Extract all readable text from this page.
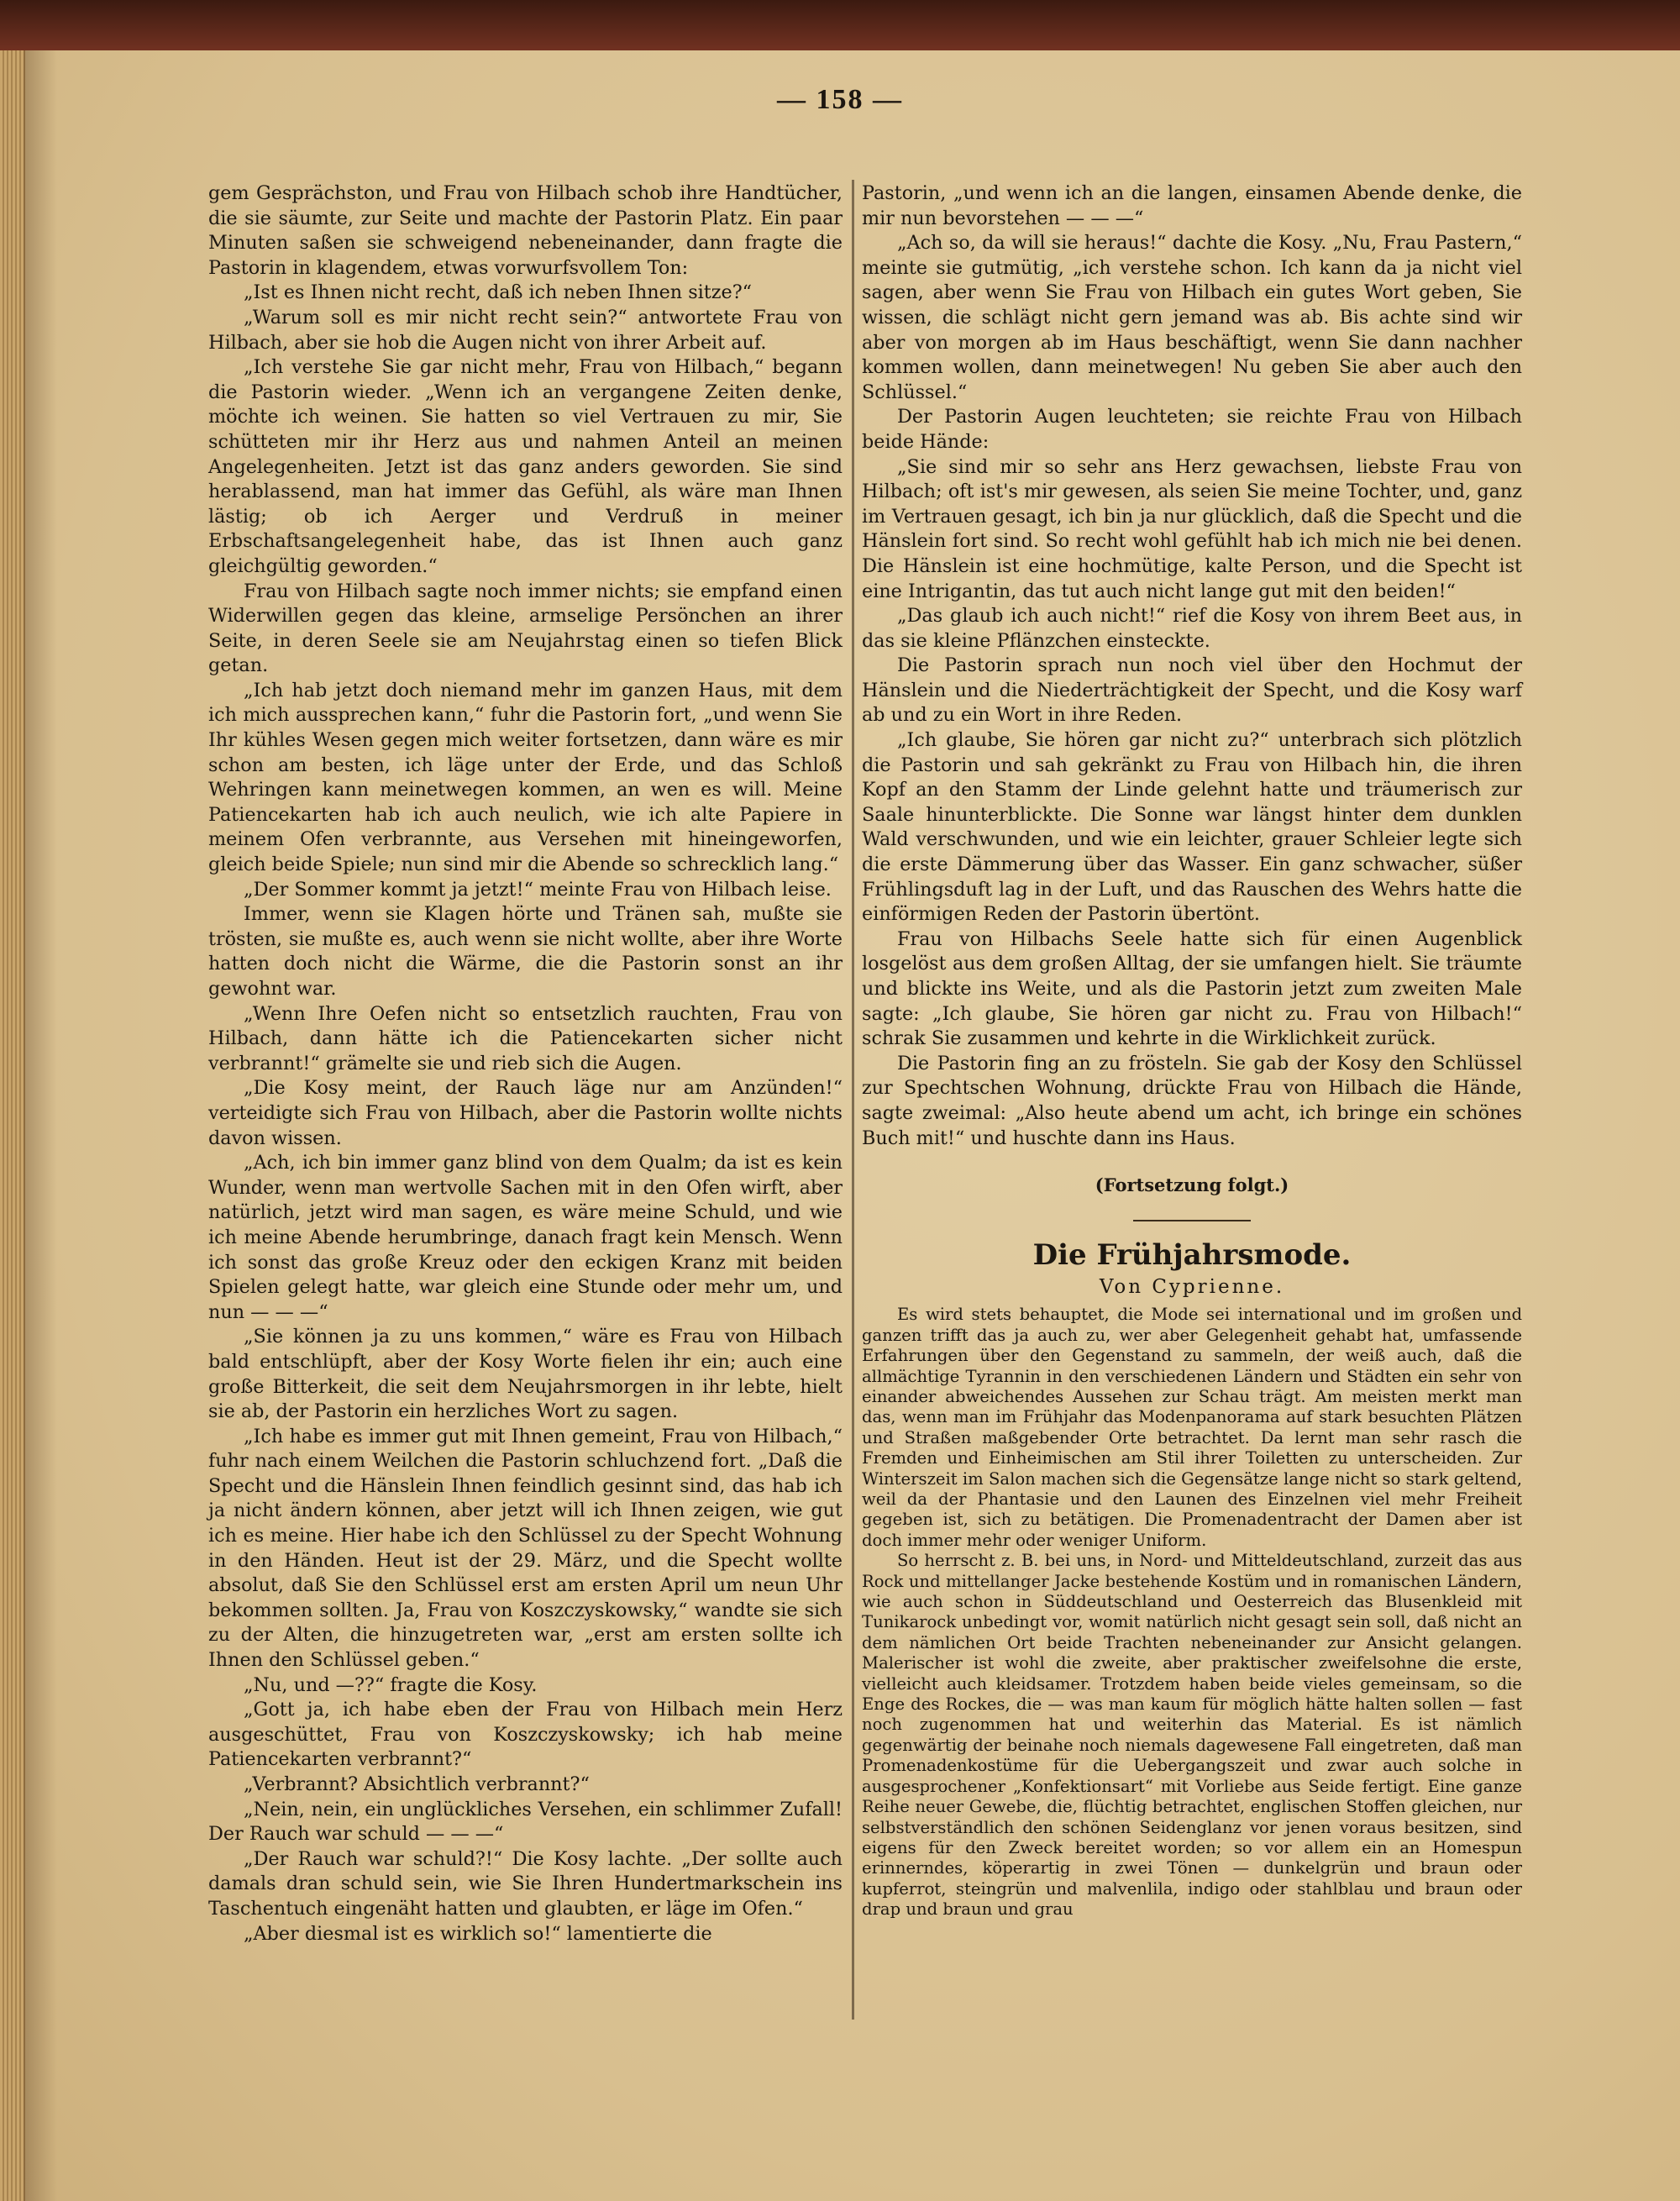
— 158 —

gem Gesprächston, und Frau von Hilbach schob ihre Handtücher, die sie säumte, zur Seite und machte der Pastorin Platz. Ein paar Minuten saßen sie schweigend nebeneinander, dann fragte die Pastorin in klagendem, etwas vorwurfsvollem Ton:

„Ist es Ihnen nicht recht, daß ich neben Ihnen sitze?“

„Warum soll es mir nicht recht sein?“ antwortete Frau von Hilbach, aber sie hob die Augen nicht von ihrer Arbeit auf.

„Ich verstehe Sie gar nicht mehr, Frau von Hilbach,“ begann die Pastorin wieder. „Wenn ich an vergangene Zeiten denke, möchte ich weinen. Sie hatten so viel Vertrauen zu mir, Sie schütteten mir ihr Herz aus und nahmen Anteil an meinen Angelegenheiten. Jetzt ist das ganz anders geworden. Sie sind herablassend, man hat immer das Gefühl, als wäre man Ihnen lästig; ob ich Aerger und Verdruß in meiner Erbschaftsangelegenheit habe, das ist Ihnen auch ganz gleichgültig geworden.“

Frau von Hilbach sagte noch immer nichts; sie empfand einen Widerwillen gegen das kleine, armselige Persönchen an ihrer Seite, in deren Seele sie am Neujahrstag einen so tiefen Blick getan.

„Ich hab jetzt doch niemand mehr im ganzen Haus, mit dem ich mich aussprechen kann,“ fuhr die Pastorin fort, „und wenn Sie Ihr kühles Wesen gegen mich weiter fortsetzen, dann wäre es mir schon am besten, ich läge unter der Erde, und das Schloß Wehringen kann meinetwegen kommen, an wen es will. Meine Patiencekarten hab ich auch neulich, wie ich alte Papiere in meinem Ofen verbrannte, aus Versehen mit hineingeworfen, gleich beide Spiele; nun sind mir die Abende so schrecklich lang.“

„Der Sommer kommt ja jetzt!“ meinte Frau von Hilbach leise.

Immer, wenn sie Klagen hörte und Tränen sah, mußte sie trösten, sie mußte es, auch wenn sie nicht wollte, aber ihre Worte hatten doch nicht die Wärme, die die Pastorin sonst an ihr gewohnt war.

„Wenn Ihre Oefen nicht so entsetzlich rauchten, Frau von Hilbach, dann hätte ich die Patiencekarten sicher nicht verbrannt!“ grämelte sie und rieb sich die Augen.

„Die Kosy meint, der Rauch läge nur am Anzünden!“ verteidigte sich Frau von Hilbach, aber die Pastorin wollte nichts davon wissen.

„Ach, ich bin immer ganz blind von dem Qualm; da ist es kein Wunder, wenn man wertvolle Sachen mit in den Ofen wirft, aber natürlich, jetzt wird man sagen, es wäre meine Schuld, und wie ich meine Abende herumbringe, danach fragt kein Mensch. Wenn ich sonst das große Kreuz oder den eckigen Kranz mit beiden Spielen gelegt hatte, war gleich eine Stunde oder mehr um, und nun — — —“

„Sie können ja zu uns kommen,“ wäre es Frau von Hilbach bald entschlüpft, aber der Kosy Worte fielen ihr ein; auch eine große Bitterkeit, die seit dem Neujahrsmorgen in ihr lebte, hielt sie ab, der Pastorin ein herzliches Wort zu sagen.

„Ich habe es immer gut mit Ihnen gemeint, Frau von Hilbach,“ fuhr nach einem Weilchen die Pastorin schluchzend fort. „Daß die Specht und die Hänslein Ihnen feindlich gesinnt sind, das hab ich ja nicht ändern können, aber jetzt will ich Ihnen zeigen, wie gut ich es meine. Hier habe ich den Schlüssel zu der Specht Wohnung in den Händen. Heut ist der 29. März, und die Specht wollte absolut, daß Sie den Schlüssel erst am ersten April um neun Uhr bekommen sollten. Ja, Frau von Koszczyskowsky,“ wandte sie sich zu der Alten, die hinzugetreten war, „erst am ersten sollte ich Ihnen den Schlüssel geben.“

„Nu, und —??“ fragte die Kosy.

„Gott ja, ich habe eben der Frau von Hilbach mein Herz ausgeschüttet, Frau von Koszczyskowsky; ich hab meine Patiencekarten verbrannt?“

„Verbrannt? Absichtlich verbrannt?“

„Nein, nein, ein unglückliches Versehen, ein schlimmer Zufall! Der Rauch war schuld — — —“

„Der Rauch war schuld?!“ Die Kosy lachte. „Der sollte auch damals dran schuld sein, wie Sie Ihren Hundertmarkschein ins Taschentuch eingenäht hatten und glaubten, er läge im Ofen.“

„Aber diesmal ist es wirklich so!“ lamentierte die

Pastorin, „und wenn ich an die langen, einsamen Abende denke, die mir nun bevorstehen — — —“

„Ach so, da will sie heraus!“ dachte die Kosy. „Nu, Frau Pastern,“ meinte sie gutmütig, „ich verstehe schon. Ich kann da ja nicht viel sagen, aber wenn Sie Frau von Hilbach ein gutes Wort geben, Sie wissen, die schlägt nicht gern jemand was ab. Bis achte sind wir aber von morgen ab im Haus beschäftigt, wenn Sie dann nachher kommen wollen, dann meinetwegen! Nu geben Sie aber auch den Schlüssel.“

Der Pastorin Augen leuchteten; sie reichte Frau von Hilbach beide Hände:

„Sie sind mir so sehr ans Herz gewachsen, liebste Frau von Hilbach; oft ist's mir gewesen, als seien Sie meine Tochter, und, ganz im Vertrauen gesagt, ich bin ja nur glücklich, daß die Specht und die Hänslein fort sind. So recht wohl gefühlt hab ich mich nie bei denen. Die Hänslein ist eine hochmütige, kalte Person, und die Specht ist eine Intrigantin, das tut auch nicht lange gut mit den beiden!“

„Das glaub ich auch nicht!“ rief die Kosy von ihrem Beet aus, in das sie kleine Pflänzchen einsteckte.

Die Pastorin sprach nun noch viel über den Hochmut der Hänslein und die Niederträchtigkeit der Specht, und die Kosy warf ab und zu ein Wort in ihre Reden.

„Ich glaube, Sie hören gar nicht zu?“ unterbrach sich plötzlich die Pastorin und sah gekränkt zu Frau von Hilbach hin, die ihren Kopf an den Stamm der Linde gelehnt hatte und träumerisch zur Saale hinunterblickte. Die Sonne war längst hinter dem dunklen Wald verschwunden, und wie ein leichter, grauer Schleier legte sich die erste Dämmerung über das Wasser. Ein ganz schwacher, süßer Frühlingsduft lag in der Luft, und das Rauschen des Wehrs hatte die einförmigen Reden der Pastorin übertönt.

Frau von Hilbachs Seele hatte sich für einen Augenblick losgelöst aus dem großen Alltag, der sie umfangen hielt. Sie träumte und blickte ins Weite, und als die Pastorin jetzt zum zweiten Male sagte: „Ich glaube, Sie hören gar nicht zu. Frau von Hilbach!“ schrak Sie zusammen und kehrte in die Wirklichkeit zurück.

Die Pastorin fing an zu frösteln. Sie gab der Kosy den Schlüssel zur Spechtschen Wohnung, drückte Frau von Hilbach die Hände, sagte zweimal: „Also heute abend um acht, ich bringe ein schönes Buch mit!“ und huschte dann ins Haus.

(Fortsetzung folgt.)

Die Frühjahrsmode.

Von Cyprienne.

Es wird stets behauptet, die Mode sei international und im großen und ganzen trifft das ja auch zu, wer aber Gelegenheit gehabt hat, umfassende Erfahrungen über den Gegenstand zu sammeln, der weiß auch, daß die allmächtige Tyrannin in den verschiedenen Ländern und Städten ein sehr von einander abweichendes Aussehen zur Schau trägt. Am meisten merkt man das, wenn man im Frühjahr das Modenpanorama auf stark besuchten Plätzen und Straßen maßgebender Orte betrachtet. Da lernt man sehr rasch die Fremden und Einheimischen am Stil ihrer Toiletten zu unterscheiden. Zur Winterszeit im Salon machen sich die Gegensätze lange nicht so stark geltend, weil da der Phantasie und den Launen des Einzelnen viel mehr Freiheit gegeben ist, sich zu betätigen. Die Promenadentracht der Damen aber ist doch immer mehr oder weniger Uniform.

So herrscht z. B. bei uns, in Nord- und Mitteldeutschland, zurzeit das aus Rock und mittellanger Jacke bestehende Kostüm und in romanischen Ländern, wie auch schon in Süddeutschland und Oesterreich das Blusenkleid mit Tunikarock unbedingt vor, womit natürlich nicht gesagt sein soll, daß nicht an dem nämlichen Ort beide Trachten nebeneinander zur Ansicht gelangen. Malerischer ist wohl die zweite, aber praktischer zweifelsohne die erste, vielleicht auch kleidsamer. Trotzdem haben beide vieles gemeinsam, so die Enge des Rockes, die — was man kaum für möglich hätte halten sollen — fast noch zugenommen hat und weiterhin das Material. Es ist nämlich gegenwärtig der beinahe noch niemals dagewesene Fall eingetreten, daß man Promenadenkostüme für die Uebergangszeit und zwar auch solche in ausgesprochener „Konfektionsart“ mit Vorliebe aus Seide fertigt. Eine ganze Reihe neuer Gewebe, die, flüchtig betrachtet, englischen Stoffen gleichen, nur selbstverständlich den schönen Seidenglanz vor jenen voraus besitzen, sind eigens für den Zweck bereitet worden; so vor allem ein an Homespun erinnerndes, köperartig in zwei Tönen — dunkelgrün und braun oder kupferrot, steingrün und malvenlila, indigo oder stahlblau und braun oder drap und braun und grau
